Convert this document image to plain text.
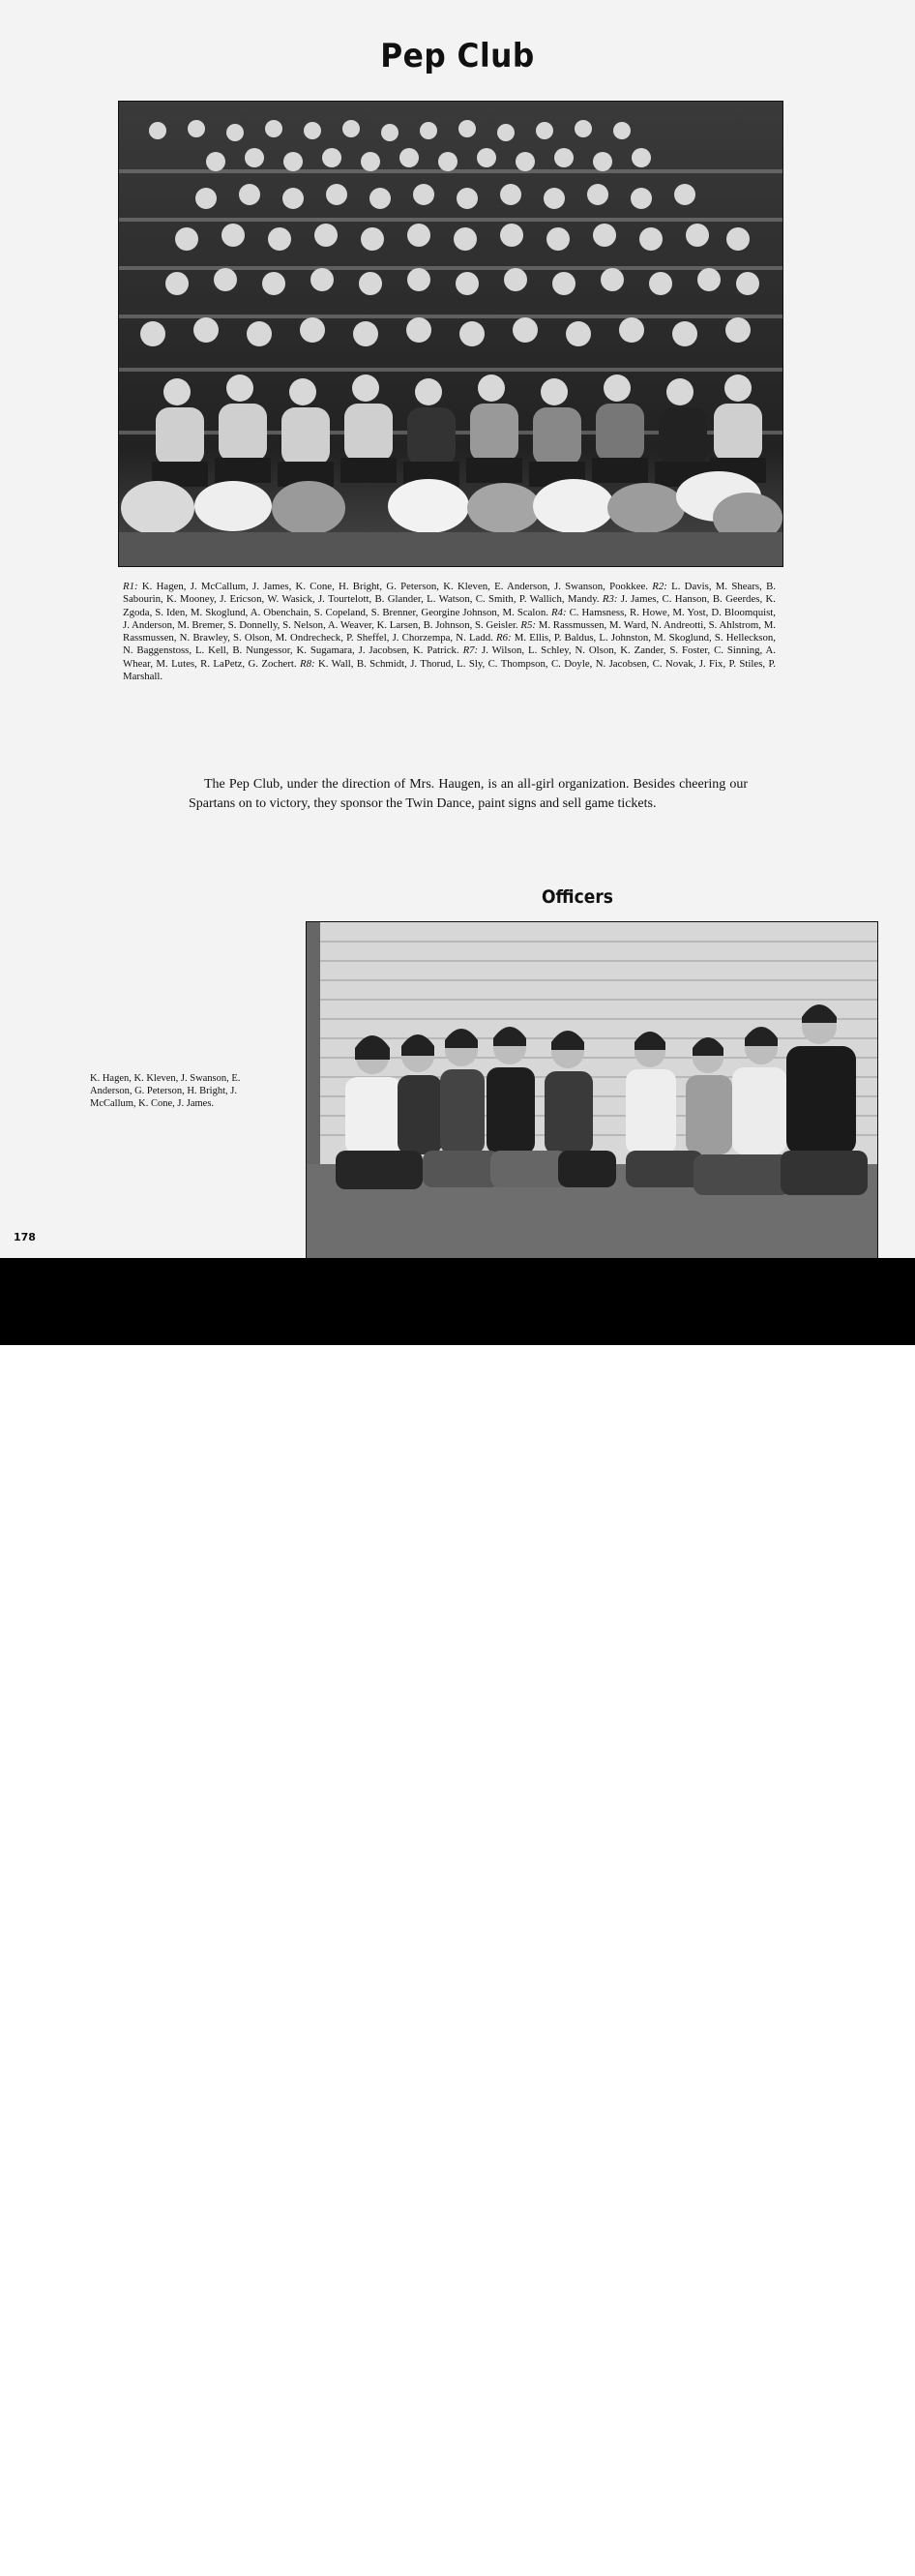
Pep Club
R1: K. Hagen, J. McCallum, J. James, K. Cone, H. Bright, G. Peterson, K. Kleven, E. Anderson, J. Swanson, Pookkee. R2: L. Davis, M. Shears, B. Sabourin, K. Mooney, J. Ericson, W. Wasick, J. Tourtelott, B. Glander, L. Watson, C. Smith, P. Wallich, Mandy. R3: J. James, C. Hanson, B. Geerdes, K. Zgoda, S. Iden, M. Skoglund, A. Obenchain, S. Copeland, S. Brenner, Georgine Johnson, M. Scalon. R4: C. Hamsness, R. Howe, M. Yost, D. Bloomquist, J. Anderson, M. Bremer, S. Donnelly, S. Nelson, A. Weaver, K. Larsen, B. Johnson, S. Geisler. R5: M. Rassmussen, M. Ward, N. Andreotti, S. Ahlstrom, M. Rassmussen, N. Brawley, S. Olson, M. Ondrecheck, P. Sheffel, J. Chorzempa, N. Ladd. R6: M. Ellis, P. Baldus, L. Johnston, M. Skoglund, S. Helleckson, N. Baggenstoss, L. Kell, B. Nungessor, K. Sugamara, J. Jacobsen, K. Patrick. R7: J. Wilson, L. Schley, N. Olson, K. Zander, S. Foster, C. Sinning, A. Whear, M. Lutes, R. LaPetz, G. Zochert. R8: K. Wall, B. Schmidt, J. Thorud, L. Sly, C. Thompson, C. Doyle, N. Jacobsen, C. Novak, J. Fix, P. Stiles, P. Marshall.
The Pep Club, under the direction of Mrs. Haugen, is an all-girl organization. Besides cheering our Spartans on to victory, they sponsor the Twin Dance, paint signs and sell game tickets.
Officers
K. Hagen, K. Kleven, J. Swanson, E. Anderson, G. Peterson, H. Bright, J. McCallum, K. Cone, J. James.
178
alamy	Image ID: 3A8TJWB
www.alamy.com
